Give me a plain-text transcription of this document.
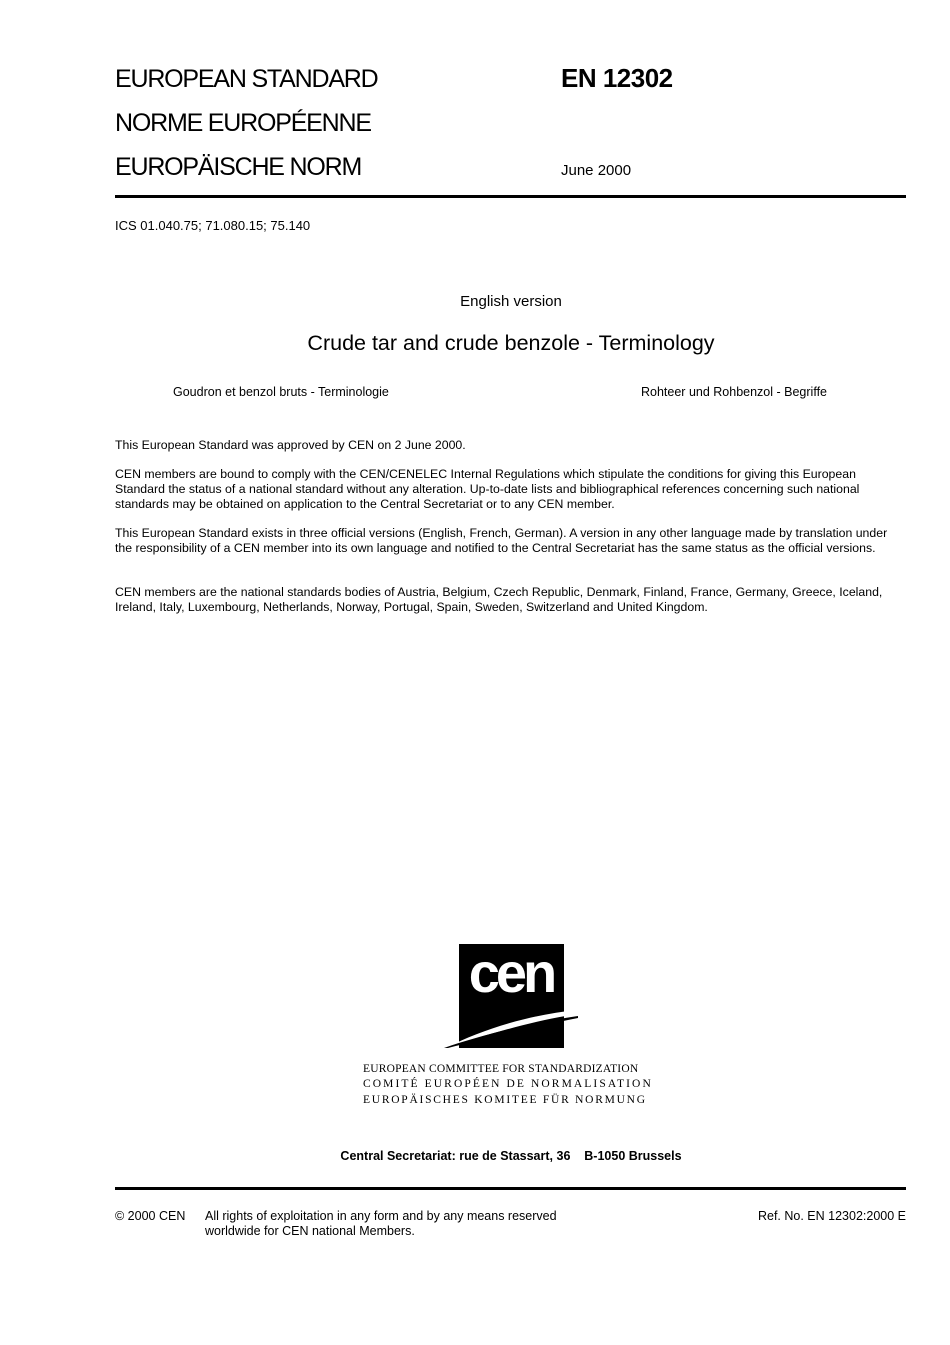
EUROPEAN STANDARD
NORME EUROPÉENNE
EUROPÄISCHE NORM
EN 12302
June 2000
ICS 01.040.75; 71.080.15; 75.140
English version
Crude tar and crude benzole - Terminology
Goudron et benzol bruts - Terminologie	Rohteer und Rohbenzol - Begriffe
This European Standard was approved by CEN on 2 June 2000.
CEN members are bound to comply with the CEN/CENELEC Internal Regulations which stipulate the conditions for giving this European Standard the status of a national standard without any alteration. Up-to-date lists and bibliographical references concerning such national standards may be obtained on application to the Central Secretariat or to any CEN member.
This European Standard exists in three official versions (English, French, German). A version in any other language made by translation under the responsibility of a CEN member into its own language and notified to the Central Secretariat has the same status as the official versions.
CEN members are the national standards bodies of Austria, Belgium, Czech Republic, Denmark, Finland, France, Germany, Greece, Iceland, Ireland, Italy, Luxembourg, Netherlands, Norway, Portugal, Spain, Sweden, Switzerland and United Kingdom.
cen
EUROPEAN COMMITTEE FOR STANDARDIZATION
COMITÉ EUROPÉEN DE NORMALISATION
EUROPÄISCHES KOMITEE FÜR NORMUNG
Central Secretariat: rue de Stassart, 36    B-1050 Brussels
© 2000 CEN All rights of exploitation in any form and by any means reserved
worldwide for CEN national Members.
Ref. No. EN 12302:2000 E
